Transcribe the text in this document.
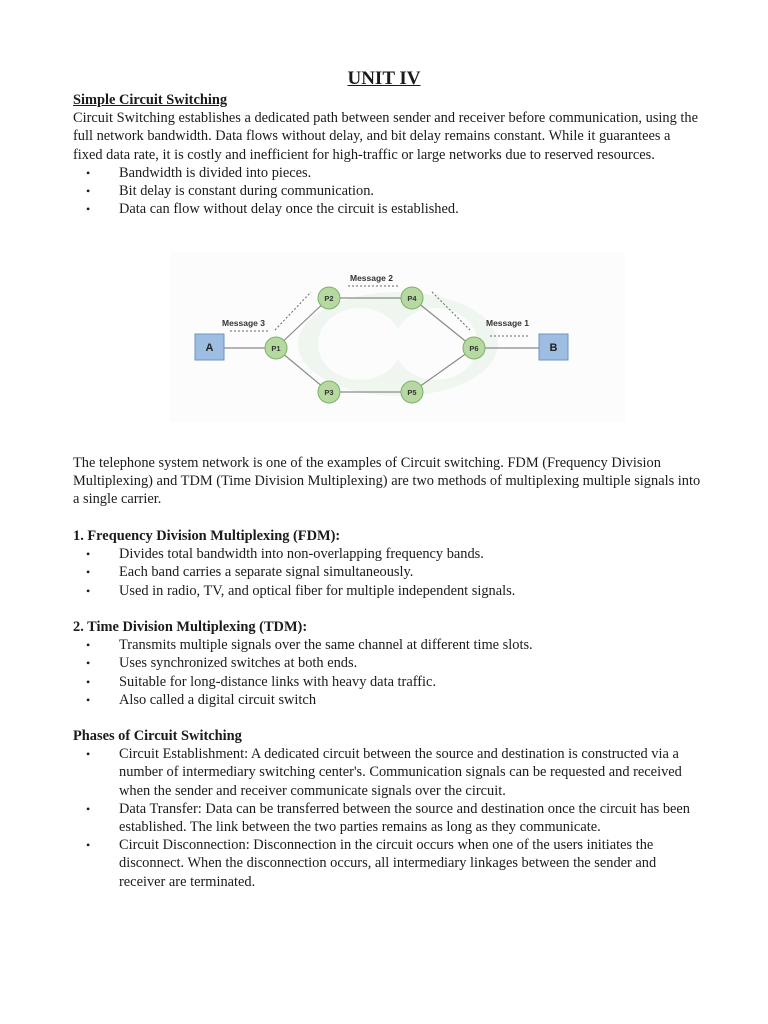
UNIT IV

Simple Circuit Switching

Circuit Switching establishes a dedicated path between sender and receiver before communication, using the full network bandwidth. Data flows without delay, and bit delay remains constant. While it guarantees a fixed data rate, it is costly and inefficient for high-traffic or large networks due to reserved resources.

• Bandwidth is divided into pieces.
• Bit delay is constant during communication.
• Data can flow without delay once the circuit is established.
Message 3
Message 2
Message 1
A	B
P1
P2
P3
P4
P5
P6

The telephone system network is one of the examples of Circuit switching. FDM (Frequency Division Multiplexing) and TDM (Time Division Multiplexing) are two methods of multiplexing multiple signals into a single carrier.

1. Frequency Division Multiplexing (FDM):

• Divides total bandwidth into non-overlapping frequency bands.
• Each band carries a separate signal simultaneously.
• Used in radio, TV, and optical fiber for multiple independent signals.

2. Time Division Multiplexing (TDM):

• Transmits multiple signals over the same channel at different time slots.
• Uses synchronized switches at both ends.
• Suitable for long-distance links with heavy data traffic.
• Also called a digital circuit switch

Phases of Circuit Switching

• Circuit Establishment: A dedicated circuit between the source and destination is constructed via a number of intermediary switching center's. Communication signals can be requested and received when the sender and receiver communicate signals over the circuit.
• Data Transfer: Data can be transferred between the source and destination once the circuit has been established. The link between the two parties remains as long as they communicate.
• Circuit Disconnection: Disconnection in the circuit occurs when one of the users initiates the disconnect. When the disconnection occurs, all intermediary linkages between the sender and receiver are terminated.
